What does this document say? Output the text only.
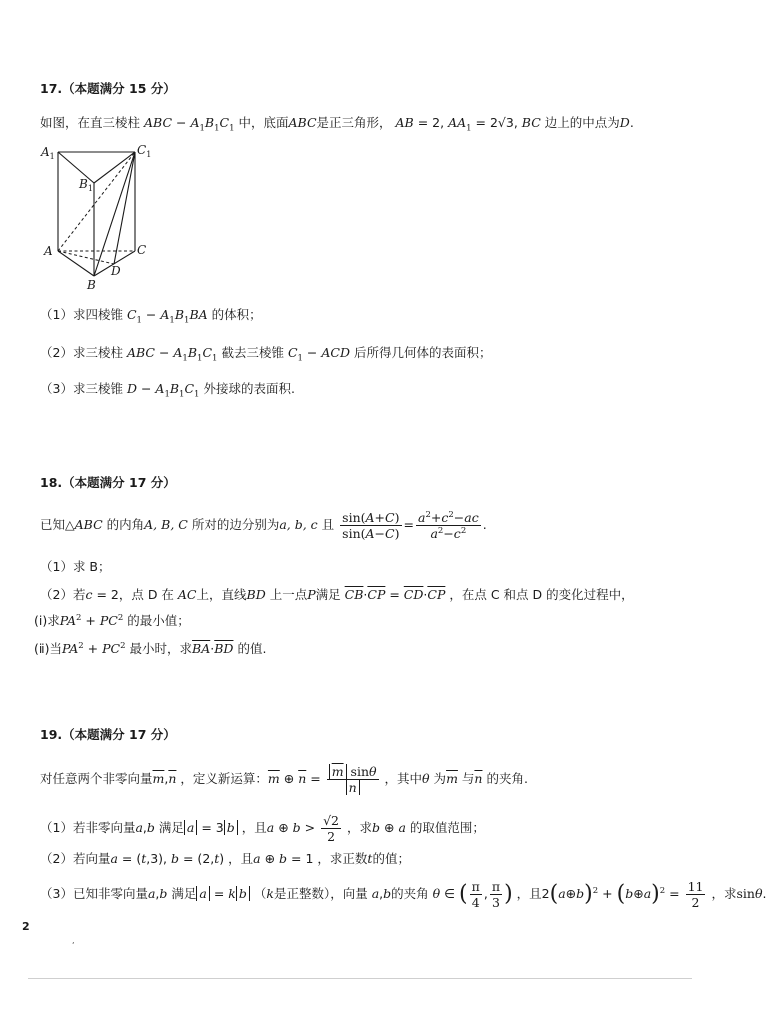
17.（本题满分 15 分）
如图，在直三棱柱 ABC − $A_1B_1C_1$ 中，底面ABC是正三角形， AB = 2, $AA_1 = 2√3$, BC 边上的中点为D.
$A_1$	$C_1$
$B_1$
A	C
D
B
（1）求四棱锥 $C_1 - A_1B_1BA$ 的体积；
（2）求三棱柱 ABC − $A_1B_1C_1$ 截去三棱锥 $C_1$ − ACD 后所得几何体的表面积；
（3）求三棱锥 $D - A_1B_1C_1$ 外接球的表面积.
18.（本题满分 17 分）
已知△ABC 的内角A, B, C 所对的边分别为a, b, c 且 $\frac{\sin(A+C)}{\sin(A-C)} = \frac{a^2+c^2-ac}{a^2-c^2}$ .
（1）求 B；
（2）若c = 2，点 D 在 AC上，直线BD 上一点P满足 $\overline{CB}\cdot\overline{CP} = \overline{CD}\cdot\overline{CP}$ ，在点 C 和点 D 的变化过程中，
(ⅰ)求$PA^2 + PC^2$ 的最小值；
(ⅱ)当$PA^2 + PC^2$ 最小时，求$\overline{BA}\cdot\overline{BD}$ 的值.
19.（本题满分 17 分）
对任意两个非零向量$\overline{m},\overline{n}$ ，定义新运算：$\overline{m}$ ⊕ $\overline{n} = \frac{\overline{m} \sin\theta}{n}$ ，其中θ 为$\overline{m}$ 与$\overline{n}$ 的夹角.
（1）若非零向量a,b 满足 a = 3 b ，且a ⊕ $b > \frac{√2}{2}$ ，求b ⊕ a 的取值范围；
（2）若向量a = (t,3), b = (2,t) ，且a ⊕ b = 1 ，求正数t的值；
（3）已知非零向量a,b 满足 a = k b （k是正整数），向量 a,b的夹角 θ ∈ ( $\frac{\pi}{4}$ , $\frac{\pi}{3}$ ) ，且2(a⊕b)$^2$ + (b⊕a)$^2$ = $\frac{11}{2}$ ，求sinθ
2
,
